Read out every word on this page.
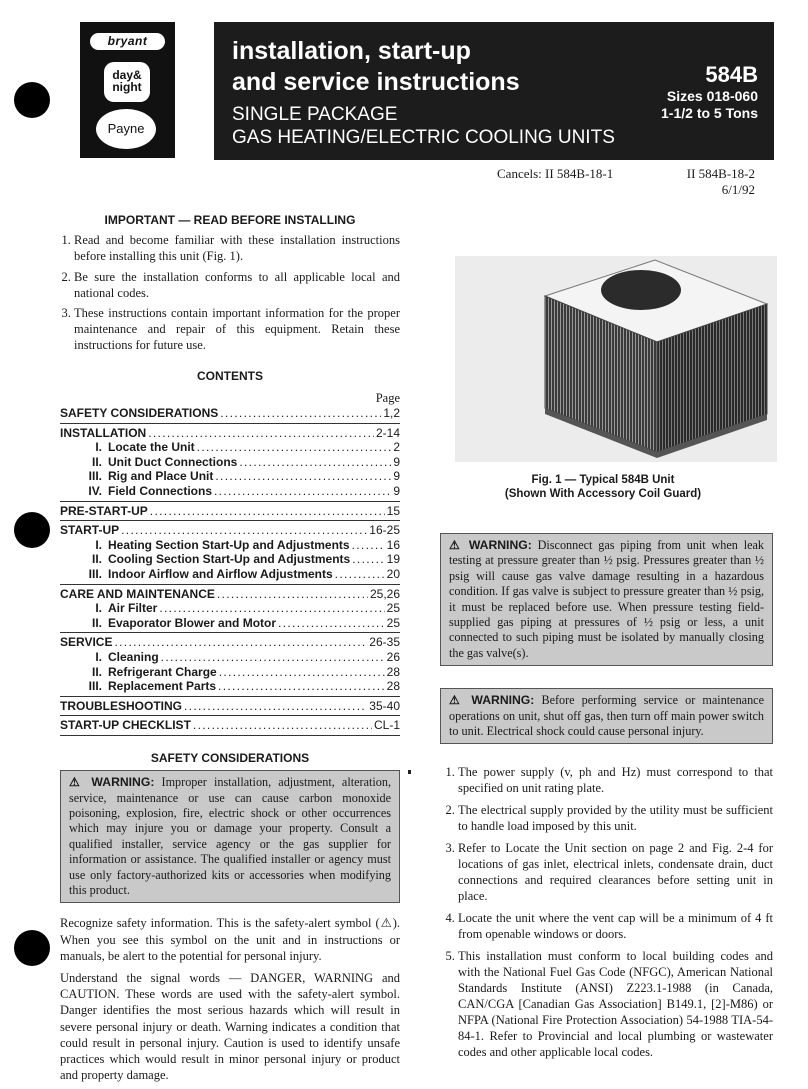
bryant
day&
night
Payne
installation, start-up
and service instructions
SINGLE PACKAGE
GAS HEATING/ELECTRIC COOLING UNITS
584B
Sizes 018-060
1-1/2 to 5 Tons
Cancels: II 584B-18-1	II 584B-18-2
6/1/92
IMPORTANT — READ BEFORE INSTALLING
1. Read and become familiar with these installation instructions before installing this unit (Fig. 1).
2. Be sure the installation conforms to all applicable local and national codes.
3. These instructions contain important information for the proper maintenance and repair of this equipment. Retain these instructions for future use.
CONTENTS
Page
SAFETY CONSIDERATIONS . . .	1,2
INSTALLATION . . .	2-14
I. Locate the Unit . . .	2
II. Unit Duct Connections . . .	9
III. Rig and Place Unit . . .	9
IV. Field Connections . . .	9
PRE-START-UP . . .	15
START-UP . . .	16-25
I. Heating Section Start-Up and Adjustments . . .	16
II. Cooling Section Start-Up and Adjustments . . .	19
III. Indoor Airflow and Airflow Adjustments . . .	20
CARE AND MAINTENANCE . . .	25,26
I. Air Filter . . .	25
II. Evaporator Blower and Motor . . .	25
SERVICE . . .	26-35
I. Cleaning . . .	26
II. Refrigerant Charge . . .	28
III. Replacement Parts . . .	28
TROUBLESHOOTING . . .	35-40
START-UP CHECKLIST . . .	CL-1
SAFETY CONSIDERATIONS
⚠ WARNING: Improper installation, adjustment, alteration, service, maintenance or use can cause carbon monoxide poisoning, explosion, fire, electric shock or other occurrences which may injure you or damage your property. Consult a qualified installer, service agency or the gas supplier for information or assistance. The qualified installer or agency must use only factory-authorized kits or accessories when modifying this product.

Recognize safety information. This is the safety-alert symbol (⚠). When you see this symbol on the unit and in instructions or manuals, be alert to the potential for personal injury.

Understand the signal words — DANGER, WARNING and CAUTION. These words are used with the safety-alert symbol. Danger identifies the most serious hazards which will result in severe personal injury or death. Warning indicates a condition that could result in personal injury. Caution is used to identify unsafe practices which would result in minor personal injury or product and property damage.

Fig. 1 — Typical 584B Unit
(Shown With Accessory Coil Guard)
⚠ WARNING: Disconnect gas piping from unit when leak testing at pressure greater than ½ psig. Pressures greater than ½ psig will cause gas valve damage resulting in a hazardous condition. If gas valve is subject to pressure greater than ½ psig, it must be replaced before use. When pressure testing field-supplied gas piping at pressures of ½ psig or less, a unit connected to such piping must be isolated by manually closing the gas valve(s).
⚠ WARNING: Before performing service or maintenance operations on unit, shut off gas, then turn off main power switch to unit. Electrical shock could cause personal injury.
1. The power supply (v, ph and Hz) must correspond to that specified on unit rating plate.
2. The electrical supply provided by the utility must be sufficient to handle load imposed by this unit.
3. Refer to Locate the Unit section on page 2 and Fig. 2-4 for locations of gas inlet, electrical inlets, condensate drain, duct connections and required clearances before setting unit in place.
4. Locate the unit where the vent cap will be a minimum of 4 ft from openable windows or doors.
5. This installation must conform to local building codes and with the National Fuel Gas Code (NFGC), American National Standards Institute (ANSI) Z223.1-1988 (in Canada, CAN/CGA [Canadian Gas Association] B149.1, [2]-M86) or NFPA (National Fire Protection Association) 54-1988 TIA-54-84-1. Refer to Provincial and local plumbing or wastewater codes and other applicable local codes.
